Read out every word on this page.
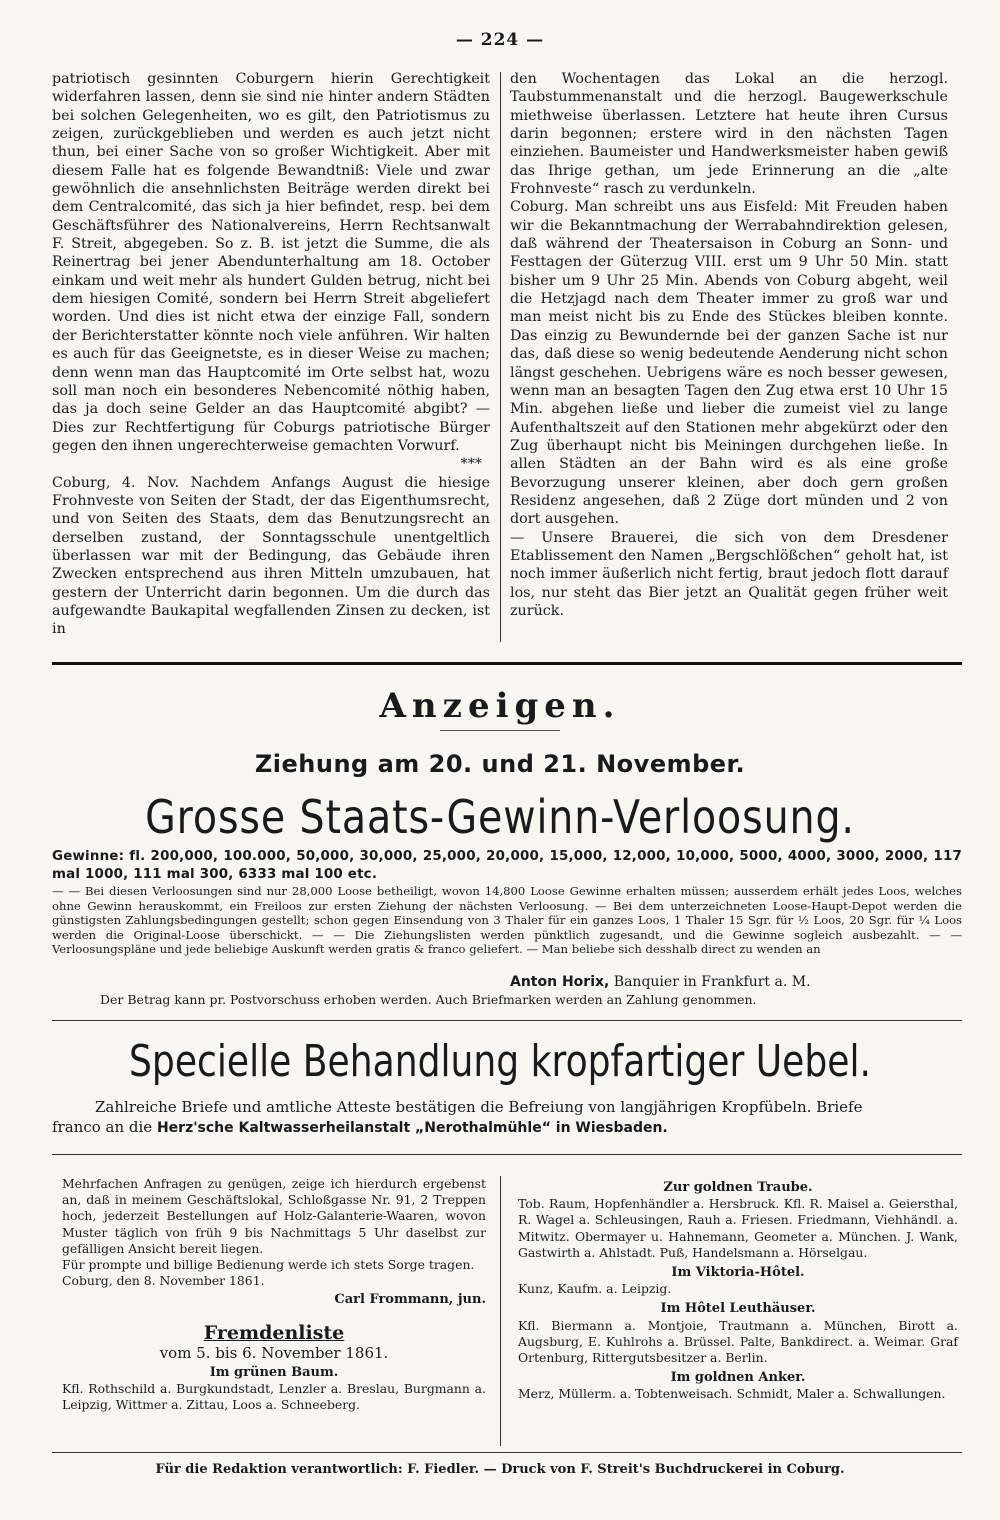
— 224 —

patriotisch gesinnten Coburgern hierin Gerechtigkeit widerfahren lassen, denn sie sind nie hinter andern Städten bei solchen Gelegenheiten, wo es gilt, den Patriotismus zu zeigen, zurückgeblieben und werden es auch jetzt nicht thun, bei einer Sache von so großer Wichtigkeit. Aber mit diesem Falle hat es folgende Bewandtniß: Viele und zwar gewöhnlich die ansehnlichsten Beiträge werden direkt bei dem Centralcomité, das sich ja hier befindet, resp. bei dem Geschäftsführer des Nationalvereins, Herrn Rechtsanwalt F. Streit, abgegeben. So z. B. ist jetzt die Summe, die als Reinertrag bei jener Abendunterhaltung am 18. October einkam und weit mehr als hundert Gulden betrug, nicht bei dem hiesigen Comité, sondern bei Herrn Streit abgeliefert worden. Und dies ist nicht etwa der einzige Fall, sondern der Berichterstatter könnte noch viele anführen. Wir halten es auch für das Geeignetste, es in dieser Weise zu machen; denn wenn man das Hauptcomité im Orte selbst hat, wozu soll man noch ein besonderes Nebencomité nöthig haben, das ja doch seine Gelder an das Hauptcomité abgibt? — Dies zur Rechtfertigung für Coburgs patriotische Bürger gegen den ihnen ungerechterweise gemachten Vorwurf.

***

Coburg, 4. Nov. Nachdem Anfangs August die hiesige Frohnveste von Seiten der Stadt, der das Eigenthumsrecht, und von Seiten des Staats, dem das Benutzungsrecht an derselben zustand, der Sonntagsschule unentgeltlich überlassen war mit der Bedingung, das Gebäude ihren Zwecken entsprechend aus ihren Mitteln umzubauen, hat gestern der Unterricht darin begonnen. Um die durch das aufgewandte Baukapital wegfallenden Zinsen zu decken, ist in

den Wochentagen das Lokal an die herzogl. Taubstummenanstalt und die herzogl. Baugewerkschule miethweise überlassen. Letztere hat heute ihren Cursus darin begonnen; erstere wird in den nächsten Tagen einziehen. Baumeister und Handwerksmeister haben gewiß das Ihrige gethan, um jede Erinnerung an die „alte Frohnveste“ rasch zu verdunkeln.

Coburg. Man schreibt uns aus Eisfeld: Mit Freuden haben wir die Bekanntmachung der Werrabahndirektion gelesen, daß während der Theatersaison in Coburg an Sonn- und Festtagen der Güterzug VIII. erst um 9 Uhr 50 Min. statt bisher um 9 Uhr 25 Min. Abends von Coburg abgeht, weil die Hetzjagd nach dem Theater immer zu groß war und man meist nicht bis zu Ende des Stückes bleiben konnte. Das einzig zu Bewundernde bei der ganzen Sache ist nur das, daß diese so wenig bedeutende Aenderung nicht schon längst geschehen. Uebrigens wäre es noch besser gewesen, wenn man an besagten Tagen den Zug etwa erst 10 Uhr 15 Min. abgehen ließe und lieber die zumeist viel zu lange Aufenthaltszeit auf den Stationen mehr abgekürzt oder den Zug überhaupt nicht bis Meiningen durchgehen ließe. In allen Städten an der Bahn wird es als eine große Bevorzugung unserer kleinen, aber doch gern großen Residenz angesehen, daß 2 Züge dort münden und 2 von dort ausgehen.

— Unsere Brauerei, die sich von dem Dresdener Etablissement den Namen „Bergschlößchen“ geholt hat, ist noch immer äußerlich nicht fertig, braut jedoch flott darauf los, nur steht das Bier jetzt an Qualität gegen früher weit zurück.

Anzeigen.
Ziehung am 20. und 21. November.
Grosse Staats-Gewinn-Verloosung.
Gewinne: fl. 200,000, 100.000, 50,000, 30,000, 25,000, 20,000, 15,000, 12,000, 10,000, 5000, 4000, 3000, 2000, 117 mal 1000, 111 mal 300, 6333 mal 100 etc.
— — Bei diesen Verloosungen sind nur 28,000 Loose betheiligt, wovon 14,800 Loose Gewinne erhalten müssen; ausserdem erhält jedes Loos, welches ohne Gewinn herauskommt, ein Freiloos zur ersten Ziehung der nächsten Verloosung. — Bei dem unterzeichneten Loose-Haupt-Depot werden die günstigsten Zahlungsbedingungen gestellt; schon gegen Einsendung von 3 Thaler für ein ganzes Loos, 1 Thaler 15 Sgr. für ½ Loos, 20 Sgr. für ¼ Loos werden die Original-Loose überschickt. — — Die Ziehungslisten werden pünktlich zugesandt, und die Gewinne sogleich ausbezahlt. — — Verloosungspläne und jede beliebige Auskunft werden gratis & franco geliefert. — Man beliebe sich desshalb direct zu wenden an
Anton Horix, Banquier in Frankfurt a. M.
Der Betrag kann pr. Postvorschuss erhoben werden. Auch Briefmarken werden an Zahlung genommen.
Specielle Behandlung kropfartiger Uebel.
Zahlreiche Briefe und amtliche Atteste bestätigen die Befreiung von langjährigen Kropfübeln. Briefe
franco an die Herz'sche Kaltwasserheilanstalt „Nerothalmühle“ in Wiesbaden.

Mehrfachen Anfragen zu genügen, zeige ich hierdurch ergebenst an, daß in meinem Geschäftslokal, Schloßgasse Nr. 91, 2 Treppen hoch, jederzeit Bestellungen auf Holz-Galanterie-Waaren, wovon Muster täglich von früh 9 bis Nachmittags 5 Uhr daselbst zur gefälligen Ansicht bereit liegen.

Für prompte und billige Bedienung werde ich stets Sorge tragen.

Coburg, den 8. November 1861.

Carl Frommann, jun.

Fremdenliste
vom 5. bis 6. November 1861.
Im grünen Baum.

Kfl. Rothschild a. Burgkundstadt, Lenzler a. Breslau, Burgmann a. Leipzig, Wittmer a. Zittau, Loos a. Schneeberg.

Zur goldnen Traube.

Tob. Raum, Hopfenhändler a. Hersbruck. Kfl. R. Maisel a. Geiersthal, R. Wagel a. Schleusingen, Rauh a. Friesen. Friedmann, Viehhändl. a. Mitwitz. Obermayer u. Hahnemann, Geometer a. München. J. Wank, Gastwirth a. Ahlstadt. Puß, Handelsmann a. Hörselgau.

Im Viktoria-Hôtel.

Kunz, Kaufm. a. Leipzig.

Im Hôtel Leuthäuser.

Kfl. Biermann a. Montjoie, Trautmann a. München, Birott a. Augsburg, E. Kuhlrohs a. Brüssel. Palte, Bankdirect. a. Weimar. Graf Ortenburg, Rittergutsbesitzer a. Berlin.

Im goldnen Anker.

Merz, Müllerm. a. Tobtenweisach. Schmidt, Maler a. Schwallungen.

Für die Redaktion verantwortlich: F. Fiedler. — Druck von F. Streit's Buchdruckerei in Coburg.
